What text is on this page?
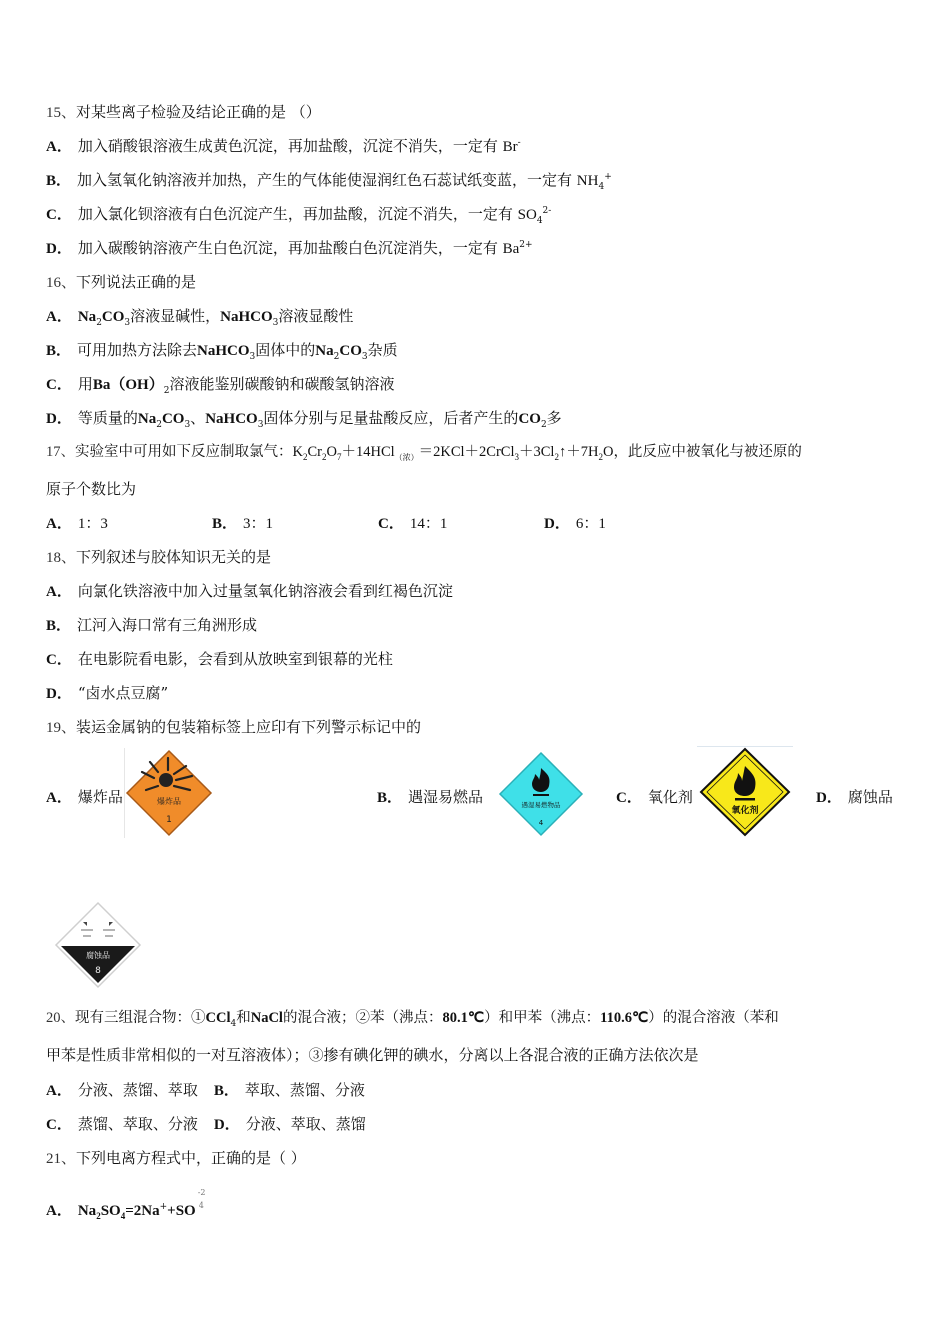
15、对某些离子检验及结论正确的是 （）
A． 加入硝酸银溶液生成黄色沉淀，再加盐酸，沉淀不消失，一定有 Br-
B． 加入氢氧化钠溶液并加热，产生的气体能使湿润红色石蕊试纸变蓝，一定有 $NH_4^+$
C． 加入氯化钡溶液有白色沉淀产生，再加盐酸，沉淀不消失，一定有 $SO_4^{2-}$
D． 加入碳酸钠溶液产生白色沉淀，再加盐酸白色沉淀消失，一定有 $Ba^{2+}$
16、下列说法正确的是
A． $Na_2CO_3$溶液显碱性，NaHCO$_3$溶液显酸性
B． 可用加热方法除去NaHCO$_3$固体中的$Na_2CO_3$杂质
C． 用$Ba(OH)_2$溶液能鉴别碳酸钠和碳酸氢钠溶液
D． 等质量的$Na_2CO_3$、NaHCO$_3$固体分别与足量盐酸反应，后者产生的$CO_2$多
17、实验室中可用如下反应制取氯气：$K_2Cr_2O_7+14HCl_{(浓)}=2KCl+2CrCl_3+3Cl_2↑+7H_2O$，此反应中被氧化与被还原的
原子个数比为
A． 1：3	B． 3：1	C． 14：1	D． 6：1
18、下列叙述与胶体知识无关的是
A． 向氯化铁溶液中加入过量氢氧化钠溶液会看到红褐色沉淀
B． 江河入海口常有三角洲形成
C． 在电影院看电影，会看到从放映室到银幕的光柱
D． “卤水点豆腐”
19、装运金属钠的包装箱标签上应印有下列警示标记中的
A． 爆炸品	爆炸品
1
B． 遇湿易燃品	遇湿易燃物品
4
C． 氧化剂
氧化剂
D． 腐蚀品
腐蚀品
8
20、现有三组混合物：①CCl$_4$和NaCl的混合液；②苯（沸点：80.1℃）和甲苯（沸点：110.6℃）的混合溶液（苯和
甲苯是性质非常相似的一对互溶液体）；③掺有碘化钾的碘水，分离以上各混合液的正确方法依次是
A． 分液、蒸馏、萃取 B． 萃取、蒸馏、分液
C． 蒸馏、萃取、分液 D． 分液、萃取、蒸馏
21、下列电离方程式中，正确的是（ ）
A． $Na_2SO_4=2Na^++SO$
-2
4
